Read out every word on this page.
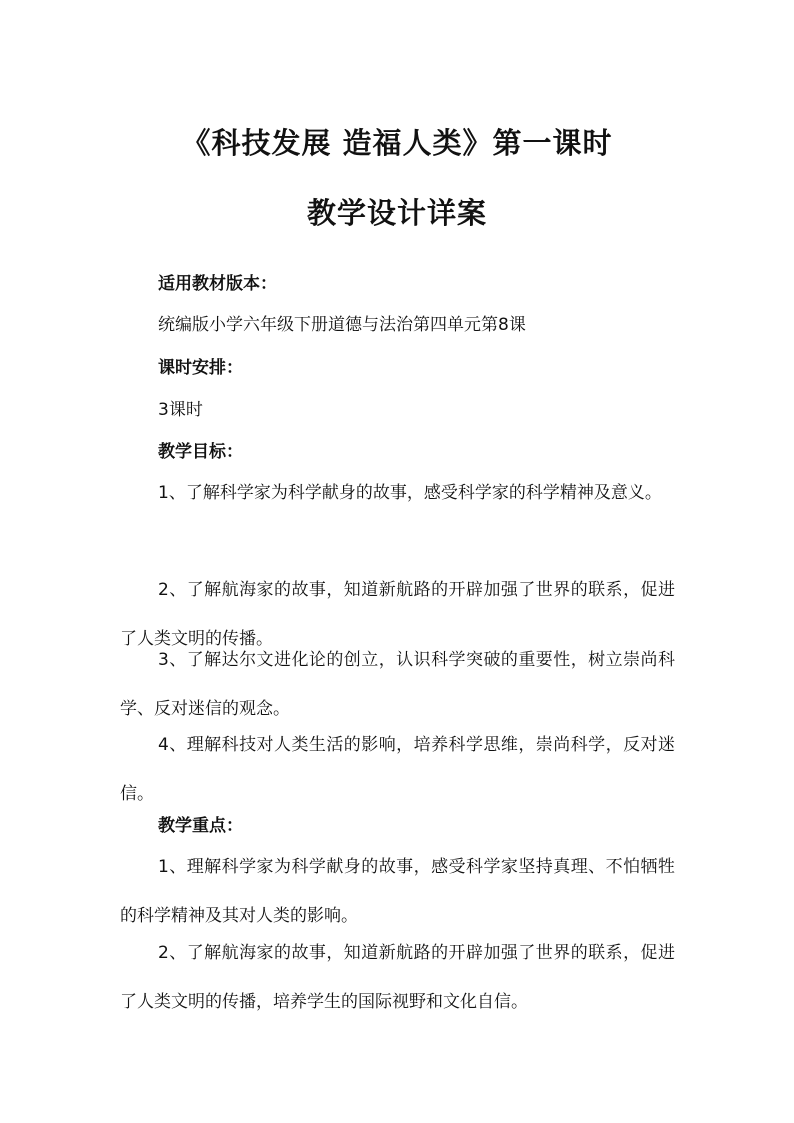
《科技发展 造福人类》第一课时
教学设计详案
适用教材版本：
统编版小学六年级下册道德与法治第四单元第8课
课时安排：
3课时
教学目标：
1、了解科学家为科学献身的故事，感受科学家的科学精神及意义。
2、了解航海家的故事，知道新航路的开辟加强了世界的联系，促进了人类文明的传播。
3、了解达尔文进化论的创立，认识科学突破的重要性，树立崇尚科学、反对迷信的观念。
4、理解科技对人类生活的影响，培养科学思维，崇尚科学，反对迷信。
教学重点：
1、理解科学家为科学献身的故事，感受科学家坚持真理、不怕牺牲的科学精神及其对人类的影响。
2、了解航海家的故事，知道新航路的开辟加强了世界的联系，促进了人类文明的传播，培养学生的国际视野和文化自信。
